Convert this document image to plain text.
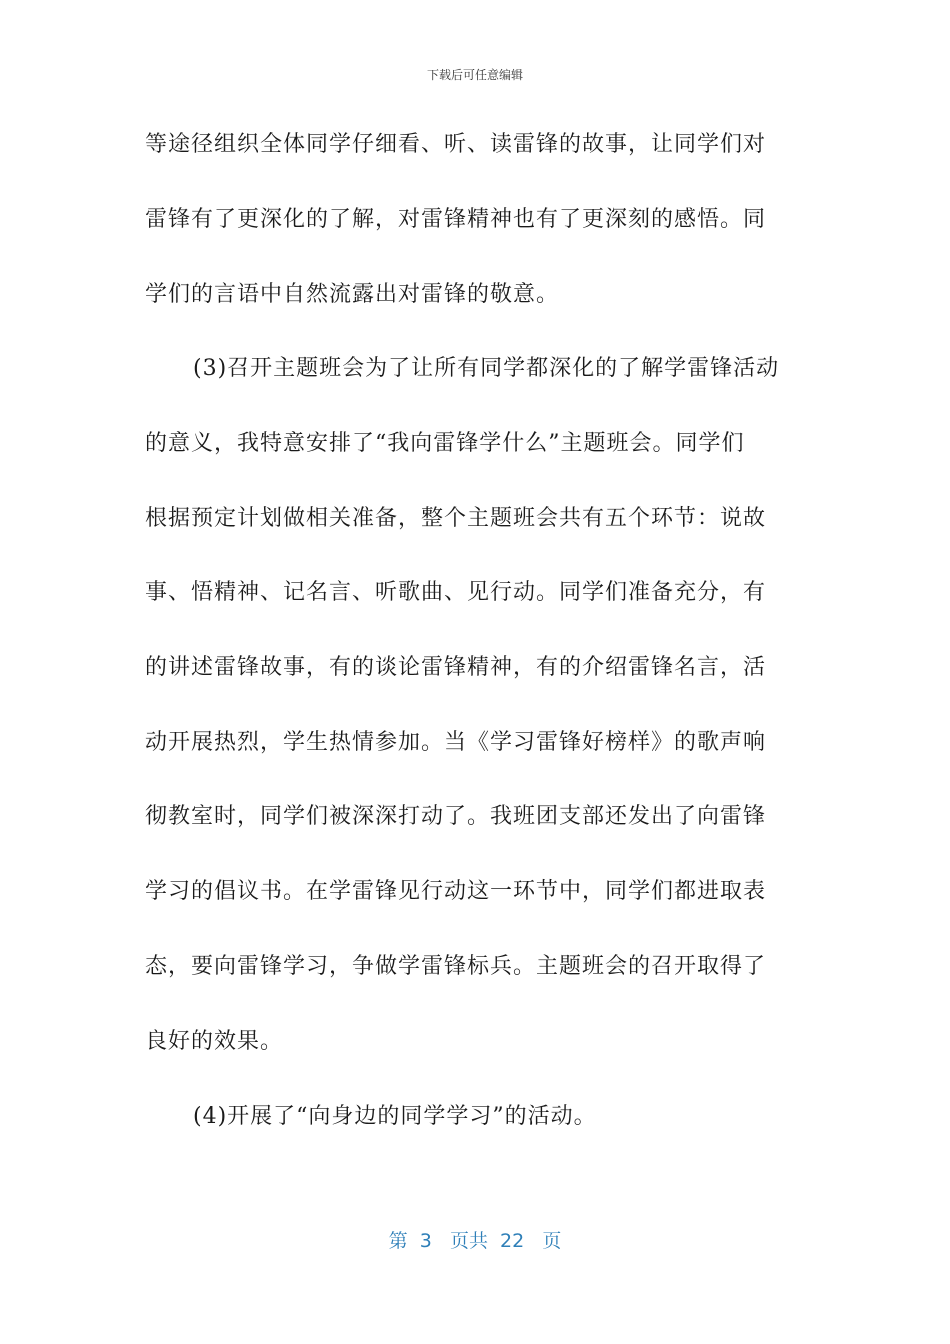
下载后可任意编辑
等途径组织全体同学仔细看、听、读雷锋的故事，让同学们对
雷锋有了更深化的了解，对雷锋精神也有了更深刻的感悟。同
学们的言语中自然流露出对雷锋的敬意。
(3)召开主题班会为了让所有同学都深化的了解学雷锋活动
的意义，我特意安排了“我向雷锋学什么”主题班会。同学们
根据预定计划做相关准备，整个主题班会共有五个环节：说故
事、悟精神、记名言、听歌曲、见行动。同学们准备充分，有
的讲述雷锋故事，有的谈论雷锋精神，有的介绍雷锋名言，活
动开展热烈，学生热情参加。当《学习雷锋好榜样》的歌声响
彻教室时，同学们被深深打动了。我班团支部还发出了向雷锋
学习的倡议书。在学雷锋见行动这一环节中，同学们都进取表
态，要向雷锋学习，争做学雷锋标兵。主题班会的召开取得了
良好的效果。
(4)开展了“向身边的同学学习”的活动。
第 3 页共 22 页
